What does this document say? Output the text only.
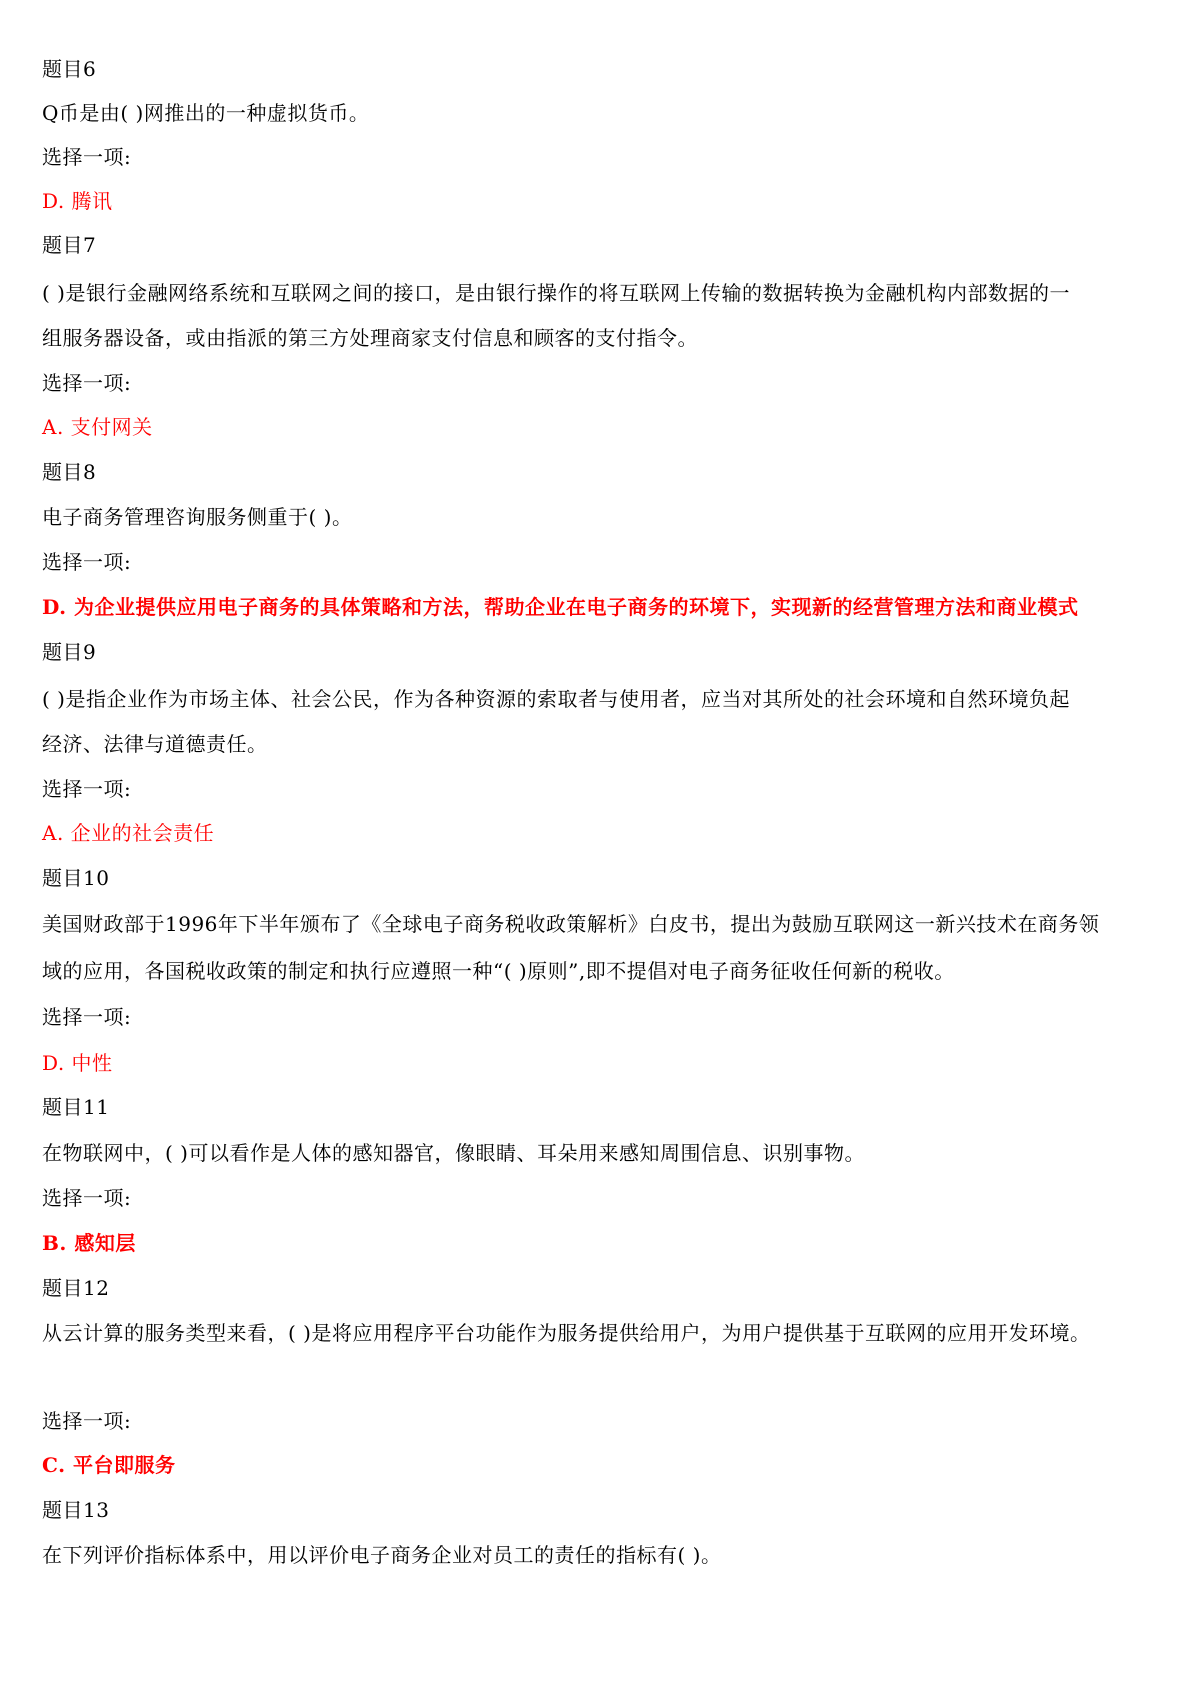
题目6
Q币是由( )网推出的一种虚拟货币。
选择一项:
D. 腾讯
题目7
( )是银行金融网络系统和互联网之间的接口，是由银行操作的将互联网上传输的数据转换为金融机构内部数据的一
组服务器设备，或由指派的第三方处理商家支付信息和顾客的支付指令。
选择一项:
A. 支付网关
题目8
电子商务管理咨询服务侧重于( )。
选择一项:
D. 为企业提供应用电子商务的具体策略和方法，帮助企业在电子商务的环境下，实现新的经营管理方法和商业模式
题目9
( )是指企业作为市场主体、社会公民，作为各种资源的索取者与使用者，应当对其所处的社会环境和自然环境负起
经济、法律与道德责任。
选择一项:
A. 企业的社会责任
题目10
美国财政部于1996年下半年颁布了《全球电子商务税收政策解析》白皮书，提出为鼓励互联网这一新兴技术在商务领
域的应用，各国税收政策的制定和执行应遵照一种“( )原则”,即不提倡对电子商务征收任何新的税收。
选择一项:
D. 中性
题目11
在物联网中，( )可以看作是人体的感知器官，像眼睛、耳朵用来感知周围信息、识别事物。
选择一项:
B. 感知层
题目12
从云计算的服务类型来看，( )是将应用程序平台功能作为服务提供给用户，为用户提供基于互联网的应用开发环境。
选择一项:
C. 平台即服务
题目13
在下列评价指标体系中，用以评价电子商务企业对员工的责任的指标有( )。
